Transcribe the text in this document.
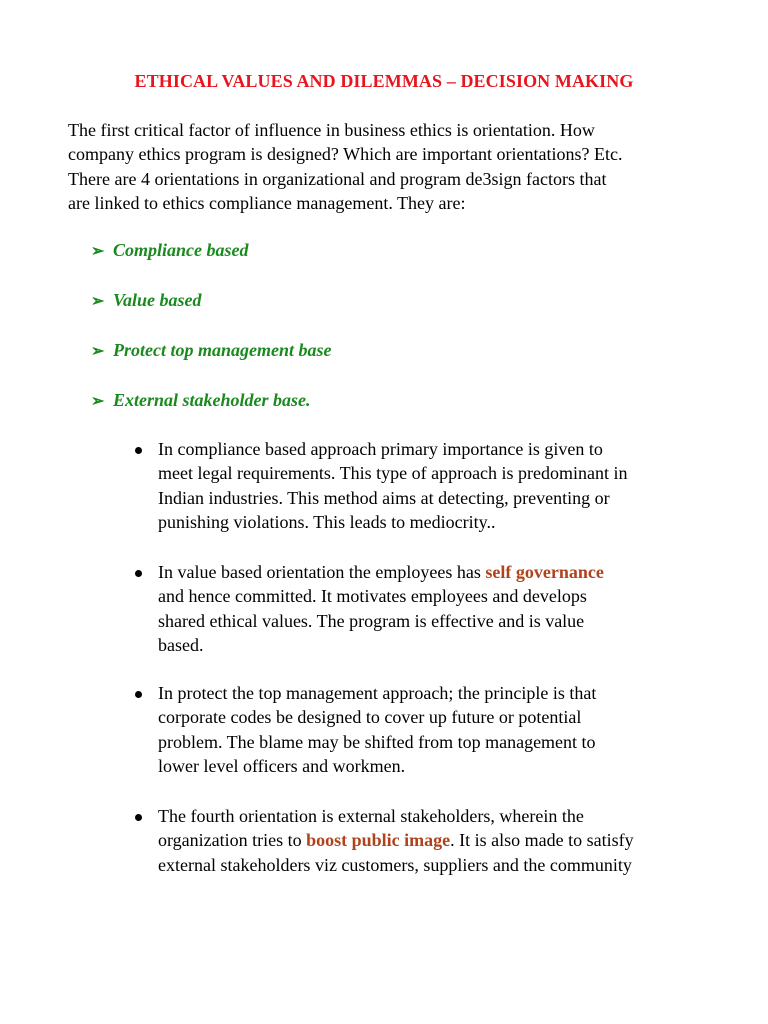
ETHICAL VALUES AND DILEMMAS – DECISION MAKING
The first critical factor of influence in business ethics is orientation. How
company ethics program is designed? Which are important orientations? Etc.
There are 4 orientations in organizational and program de3sign factors that
are linked to ethics compliance management. They are:
➢ Compliance based
➢ Value based
➢ Protect top management base
➢ External stakeholder base.
In compliance based approach primary importance is given to
meet legal requirements. This type of approach is predominant in
Indian industries. This method aims at detecting, preventing or
punishing violations. This leads to mediocrity..
In value based orientation the employees has self governance
and hence committed. It motivates employees and develops
shared ethical values. The program is effective and is value
based.
In protect the top management approach; the principle is that
corporate codes be designed to cover up future or potential
problem. The blame may be shifted from top management to
lower level officers and workmen.
The fourth orientation is external stakeholders, wherein the
organization tries to boost public image. It is also made to satisfy
external stakeholders viz customers, suppliers and the community
